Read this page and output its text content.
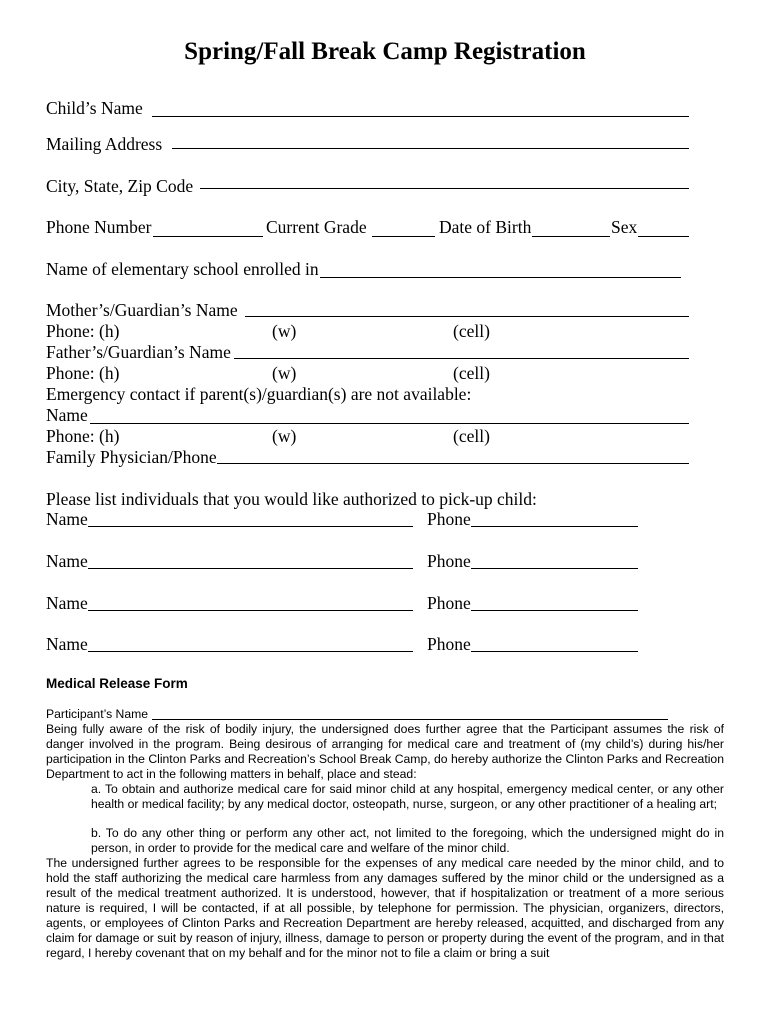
Spring/Fall Break Camp Registration
Child’s Name
Mailing Address
City, State, Zip Code
Phone Number	Current Grade	Date of Birth	Sex
Name of elementary school enrolled in
Mother’s/Guardian’s Name
Phone: (h)	(w)	(cell)
Father’s/Guardian’s Name
Phone: (h)	(w)	(cell)
Emergency contact if parent(s)/guardian(s) are not available:
Name
Phone: (h)	(w)	(cell)
Family Physician/Phone
Please list individuals that you would like authorized to pick-up child:
Name	Phone
Name	Phone
Name	Phone
Name	Phone
Medical Release Form
Participant’s Name
Being fully aware of the risk of bodily injury, the undersigned does further agree that the Participant assumes the risk of danger involved in the program. Being desirous of arranging for medical care and treatment of (my child’s) during his/her participation in the Clinton Parks and Recreation’s School Break Camp, do hereby authorize the Clinton Parks and Recreation Department to act in the following matters in behalf, place and stead:
a. To obtain and authorize medical care for said minor child at any hospital, emergency medical center, or any other health or medical facility; by any medical doctor, osteopath, nurse, surgeon, or any other practitioner of a healing art;
b. To do any other thing or perform any other act, not limited to the foregoing, which the undersigned might do in person, in order to provide for the medical care and welfare of the minor child.
The undersigned further agrees to be responsible for the expenses of any medical care needed by the minor child, and to hold the staff authorizing the medical care harmless from any damages suffered by the minor child or the undersigned as a result of the medical treatment authorized. It is understood, however, that if hospitalization or treatment of a more serious nature is required, I will be contacted, if at all possible, by telephone for permission. The physician, organizers, directors, agents, or employees of Clinton Parks and Recreation Department are hereby released, acquitted, and discharged from any claim for damage or suit by reason of injury, illness, damage to person or property during the event of the program, and in that regard, I hereby covenant that on my behalf and for the minor not to file a claim or bring a suit
